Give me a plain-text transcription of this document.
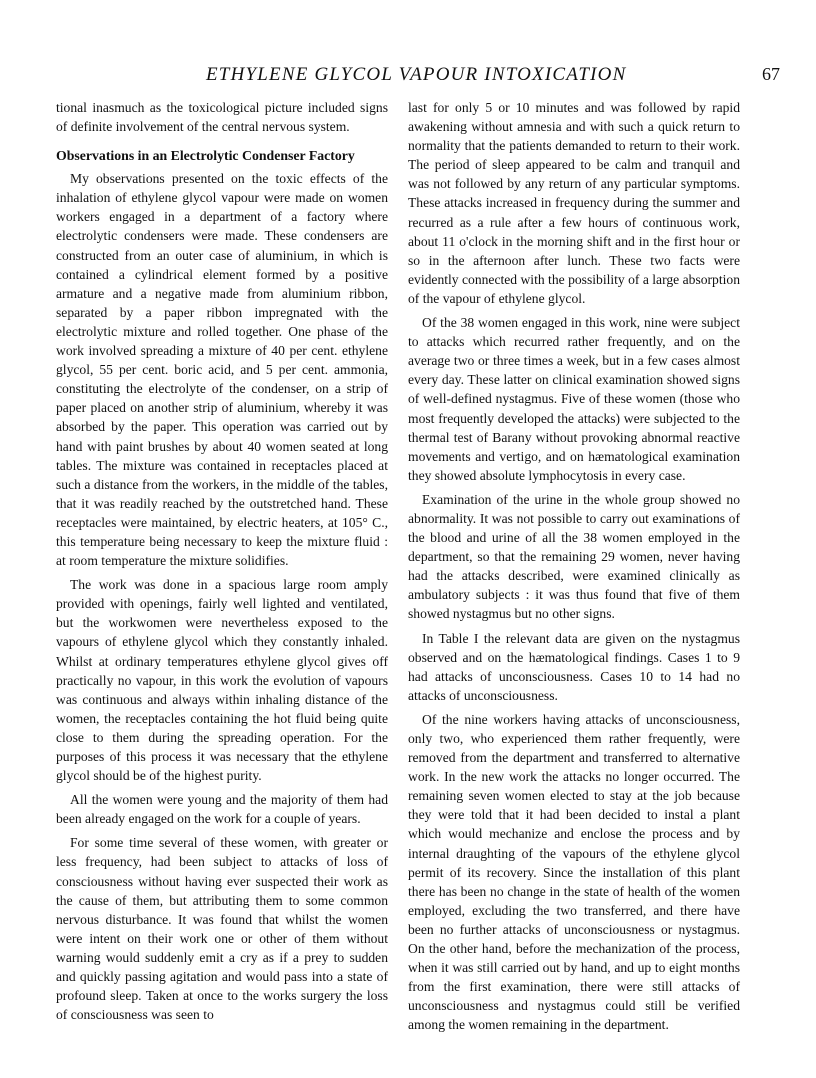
ETHYLENE GLYCOL VAPOUR INTOXICATION	67

tional inasmuch as the toxicological picture included signs of definite involvement of the central nervous system.

Observations in an Electrolytic Condenser Factory

My observations presented on the toxic effects of the inhalation of ethylene glycol vapour were made on women workers engaged in a department of a factory where electrolytic condensers were made. These condensers are constructed from an outer case of aluminium, in which is contained a cylindrical element formed by a positive armature and a negative made from aluminium ribbon, separated by a paper ribbon impregnated with the electrolytic mixture and rolled together. One phase of the work involved spreading a mixture of 40 per cent. ethylene glycol, 55 per cent. boric acid, and 5 per cent. ammonia, constituting the electrolyte of the condenser, on a strip of paper placed on another strip of aluminium, whereby it was absorbed by the paper. This operation was carried out by hand with paint brushes by about 40 women seated at long tables. The mixture was contained in receptacles placed at such a distance from the workers, in the middle of the tables, that it was readily reached by the outstretched hand. These receptacles were maintained, by electric heaters, at 105° C., this temperature being necessary to keep the mixture fluid : at room temperature the mixture solidifies.

The work was done in a spacious large room amply provided with openings, fairly well lighted and ventilated, but the workwomen were nevertheless exposed to the vapours of ethylene glycol which they constantly inhaled. Whilst at ordinary temperatures ethylene glycol gives off practically no vapour, in this work the evolution of vapours was continuous and always within inhaling distance of the women, the receptacles containing the hot fluid being quite close to them during the spreading operation. For the purposes of this process it was necessary that the ethylene glycol should be of the highest purity.

All the women were young and the majority of them had been already engaged on the work for a couple of years.

For some time several of these women, with greater or less frequency, had been subject to attacks of loss of consciousness without having ever suspected their work as the cause of them, but attributing them to some common nervous disturbance. It was found that whilst the women were intent on their work one or other of them without warning would suddenly emit a cry as if a prey to sudden and quickly passing agitation and would pass into a state of profound sleep. Taken at once to the works surgery the loss of consciousness was seen to

last for only 5 or 10 minutes and was followed by rapid awakening without amnesia and with such a quick return to normality that the patients demanded to return to their work. The period of sleep appeared to be calm and tranquil and was not followed by any return of any particular symptoms. These attacks increased in frequency during the summer and recurred as a rule after a few hours of continuous work, about 11 o'clock in the morning shift and in the first hour or so in the afternoon after lunch. These two facts were evidently connected with the possibility of a large absorption of the vapour of ethylene glycol.

Of the 38 women engaged in this work, nine were subject to attacks which recurred rather frequently, and on the average two or three times a week, but in a few cases almost every day. These latter on clinical examination showed signs of well-defined nystagmus. Five of these women (those who most frequently developed the attacks) were subjected to the thermal test of Barany without provoking abnormal reactive movements and vertigo, and on hæmatological examination they showed absolute lymphocytosis in every case.

Examination of the urine in the whole group showed no abnormality. It was not possible to carry out examinations of the blood and urine of all the 38 women employed in the department, so that the remaining 29 women, never having had the attacks described, were examined clinically as ambulatory subjects : it was thus found that five of them showed nystagmus but no other signs.

In Table I the relevant data are given on the nystagmus observed and on the hæmatological findings. Cases 1 to 9 had attacks of unconsciousness. Cases 10 to 14 had no attacks of unconsciousness.

Of the nine workers having attacks of unconsciousness, only two, who experienced them rather frequently, were removed from the department and transferred to alternative work. In the new work the attacks no longer occurred. The remaining seven women elected to stay at the job because they were told that it had been decided to instal a plant which would mechanize and enclose the process and by internal draughting of the vapours of the ethylene glycol permit of its recovery. Since the installation of this plant there has been no change in the state of health of the women employed, excluding the two transferred, and there have been no further attacks of unconsciousness or nystagmus. On the other hand, before the mechanization of the process, when it was still carried out by hand, and up to eight months from the first examination, there were still attacks of unconsciousness and nystagmus could still be verified among the women remaining in the department.
